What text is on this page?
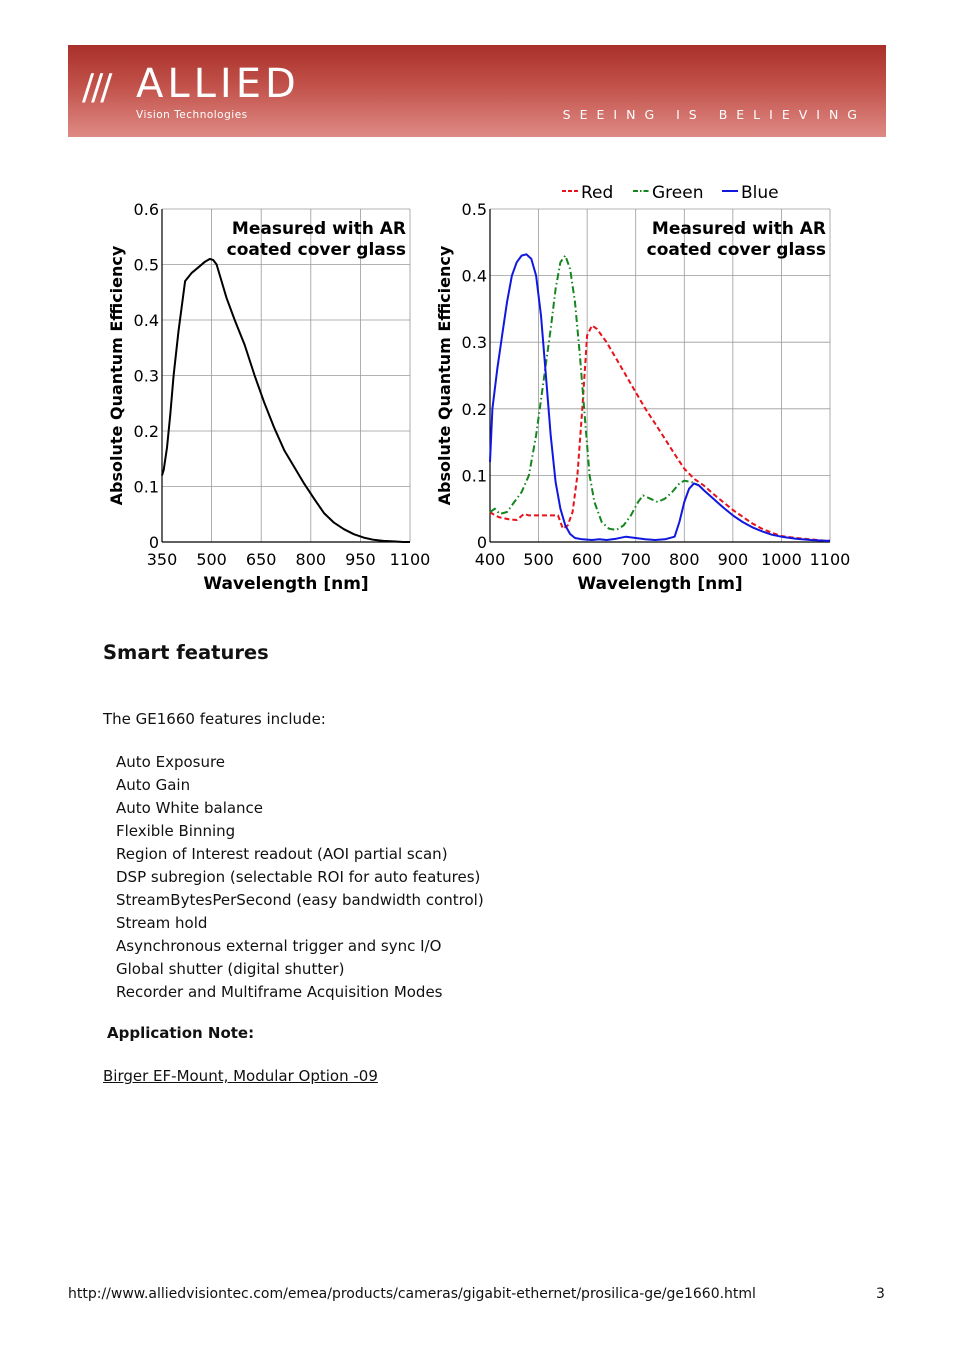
/// ALLIED
Vision Technologies	SEEING IS BELIEVING
0
0.1
0.2
0.3
0.4
0.5
0.6
350 500 650 800 950 1100
Wavelength [nm]
Absolute Quantum Efficiency
Measured with AR
coated cover glass
0
0.1
0.2
0.3
0.4
0.5
400 500 600 700 800 900 1000 1100
Wavelength [nm]
Absolute Quantum Efficiency
Measured with AR
coated cover glass
Red Green Blue
Smart features

The GE1660 features include:

Auto Exposure
Auto Gain
Auto White balance
Flexible Binning
Region of Interest readout (AOI partial scan)
DSP subregion (selectable ROI for auto features)
StreamBytesPerSecond (easy bandwidth control)
Stream hold
Asynchronous external trigger and sync I/O
Global shutter (digital shutter)
Recorder and Multiframe Acquisition Modes

Application Note:

Birger EF-Mount, Modular Option -09
http://www.alliedvisiontec.com/emea/products/cameras/gigabit-ethernet/prosilica-ge/ge1660.html	3
